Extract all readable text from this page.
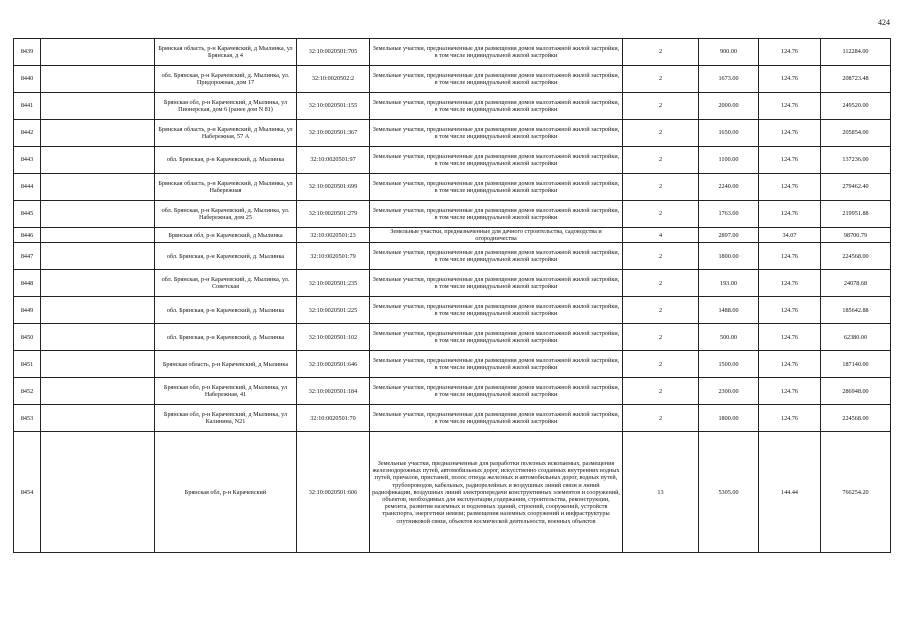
424
8439		Брянская область, р-н Карачевский, д Мылинка, ул Брянская, д 4	32:10:0020501:705	Земельные участки, предназначенные для размещения домов малоэтажной жилой застройки, в том числе индивидуальной жилой застройки	2	900.00	124.76	112284.00
8440		обл. Брянская, р-н Карачевский, д. Мылинка, ул. Придорожная, дом 17	32:10:0020502:2	Земельные участки, предназначенные для размещения домов малоэтажной жилой застройки, в том числе индивидуальной жилой застройки	2	1673.00	124.76	208723.48
8441		Брянская обл, р-н Карачевский, д Мылинка, ул Пионерская, дом 6 (ранее дом N 81)	32:10:0020501:155	Земельные участки, предназначенные для размещения домов малоэтажной жилой застройки, в том числе индивидуальной жилой застройки	2	2000.00	124.76	249520.00
8442		Брянская область, р-н Карачевский, д Мылинка, ул Набережная, 57 А	32:10:0020501:367	Земельные участки, предназначенные для размещения домов малоэтажной жилой застройки, в том числе индивидуальной жилой застройки	2	1650.00	124.76	205854.00
8443		обл. Брянская, р-н Карачевский, д. Мылинка	32:10:0020501:97	Земельные участки, предназначенные для размещения домов малоэтажной жилой застройки, в том числе индивидуальной жилой застройки	2	1100.00	124.76	137236.00
8444		Брянская область, р-н Карачевский, д Мылинка, ул Набережная	32:10:0020501:699	Земельные участки, предназначенные для размещения домов малоэтажной жилой застройки, в том числе индивидуальной жилой застройки	2	2240.00	124.76	279462.40
8445		обл. Брянская, р-н Карачевский, д. Мылинка, ул. Набережная, дом 25	32:10:0020501:279	Земельные участки, предназначенные для размещения домов малоэтажной жилой застройки, в том числе индивидуальной жилой застройки	2	1763.00	124.76	219951.88
8446		Брянская обл, р-н Карачевский, д Мылинка	32:10:0020501:23	Земельные участки, предназначенные для дачного строительства, садоводства и огородничества	4	2897.00	34.07	98700.79
8447		обл. Брянская, р-н Карачевский, д. Мылинка	32:10:0020501:79	Земельные участки, предназначенные для размещения домов малоэтажной жилой застройки, в том числе индивидуальной жилой застройки	2	1800.00	124.76	224568.00
8448		обл. Брянская, р-н Карачевский, д. Мылинка, ул. Советская	32:10:0020501:235	Земельные участки, предназначенные для размещения домов малоэтажной жилой застройки, в том числе индивидуальной жилой застройки	2	193.00	124.76	24078.68
8449		обл. Брянская, р-н Карачевский, д. Мылинка	32:10:0020501:225	Земельные участки, предназначенные для размещения домов малоэтажной жилой застройки, в том числе индивидуальной жилой застройки	2	1488.00	124.76	185642.88
8450		обл. Брянская, р-н Карачевский, д. Мылинка	32:10:0020501:102	Земельные участки, предназначенные для размещения домов малоэтажной жилой застройки, в том числе индивидуальной жилой застройки	2	500.00	124.76	62380.00
8451		Брянская область, р-н Карачевский, д Мылинка	32:10:0020501:646	Земельные участки, предназначенные для размещения домов малоэтажной жилой застройки, в том числе индивидуальной жилой застройки	2	1500.00	124.76	187140.00
8452		Брянская обл, р-н Карачевский, д Мылинка, ул Набережная, 41	32:10:0020501:184	Земельные участки, предназначенные для размещения домов малоэтажной жилой застройки, в том числе индивидуальной жилой застройки	2	2300.00	124.76	286948.00
8453		Брянская обл, р-н Карачевский, д Мылинка, ул Калинина, N21	32:10:0020501:70	Земельные участки, предназначенные для размещения домов малоэтажной жилой застройки, в том числе индивидуальной жилой застройки	2	1800.00	124.76	224568.00
8454		Брянская обл, р-н Карачевский	32:10:0020501:606	Земельные участки, предназначенные для разработки полезных ископаемых, размещения железнодорожных путей, автомобильных дорог, искусственно созданных внутренних водных путей, причалов, пристаней, полос отвода железных и автомобильных дорог, водных путей, трубопроводов, кабельных, радиорелейных и воздушных линий связи и линий радиофикации, воздушных линий электропередачи конструктивных элементов и сооружений, объектов, необходимых для эксплуатации,содержания, строительства, реконструкции, ремонта, развития наземных и подземных зданий, строений, сооружений, устройств транспорта, энергетики иевязи; размещения наземных сооружений и инфраструктуры спутниковой связи, объектов космической деятельности, военных объектов	13	5305.00	144.44	766254.20
